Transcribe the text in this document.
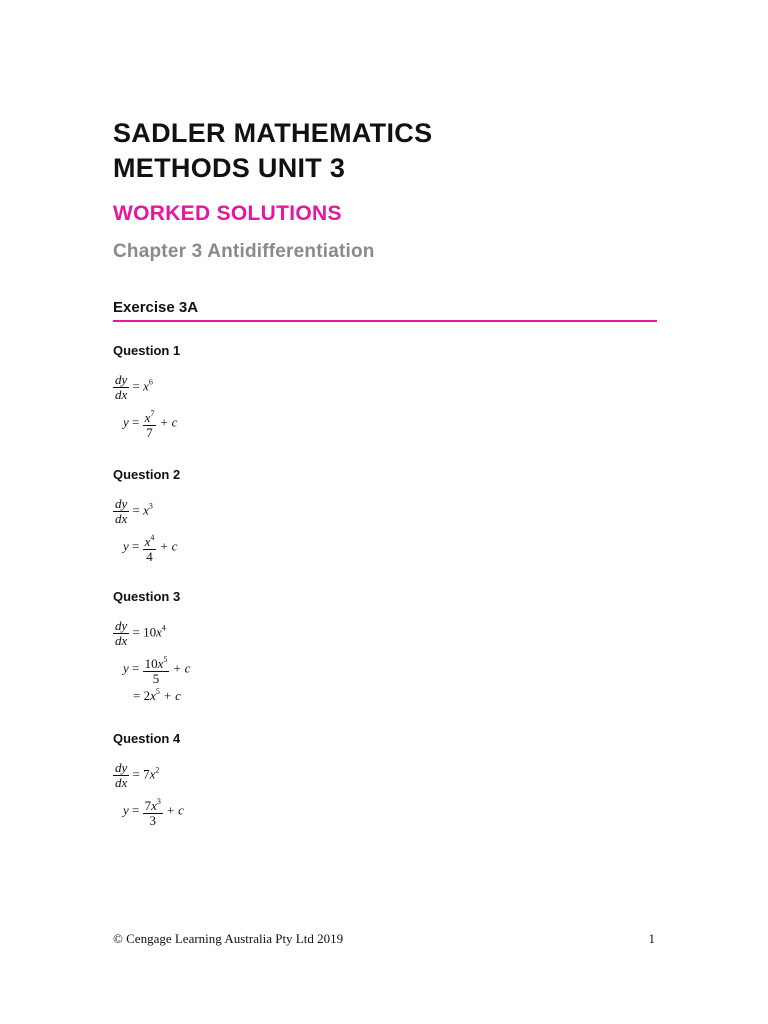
SADLER MATHEMATICS
METHODS UNIT 3
WORKED SOLUTIONS
Chapter 3 Antidifferentiation
Exercise 3A
Question 1
$\frac{dy}{dx} = x^6$
$y = \frac{x^7}{7} + c$
Question 2
$\frac{dy}{dx} = x^3$
$y = \frac{x^4}{4} + c$
Question 3
$\frac{dy}{dx} = 10x^4$
$y = \frac{10x^5}{5} + c$
= $2x^5 + c$
Question 4
$\frac{dy}{dx} = 7x^2$
$y = \frac{7x^3}{3} + c$
© Cengage Learning Australia Pty Ltd 2019	1
